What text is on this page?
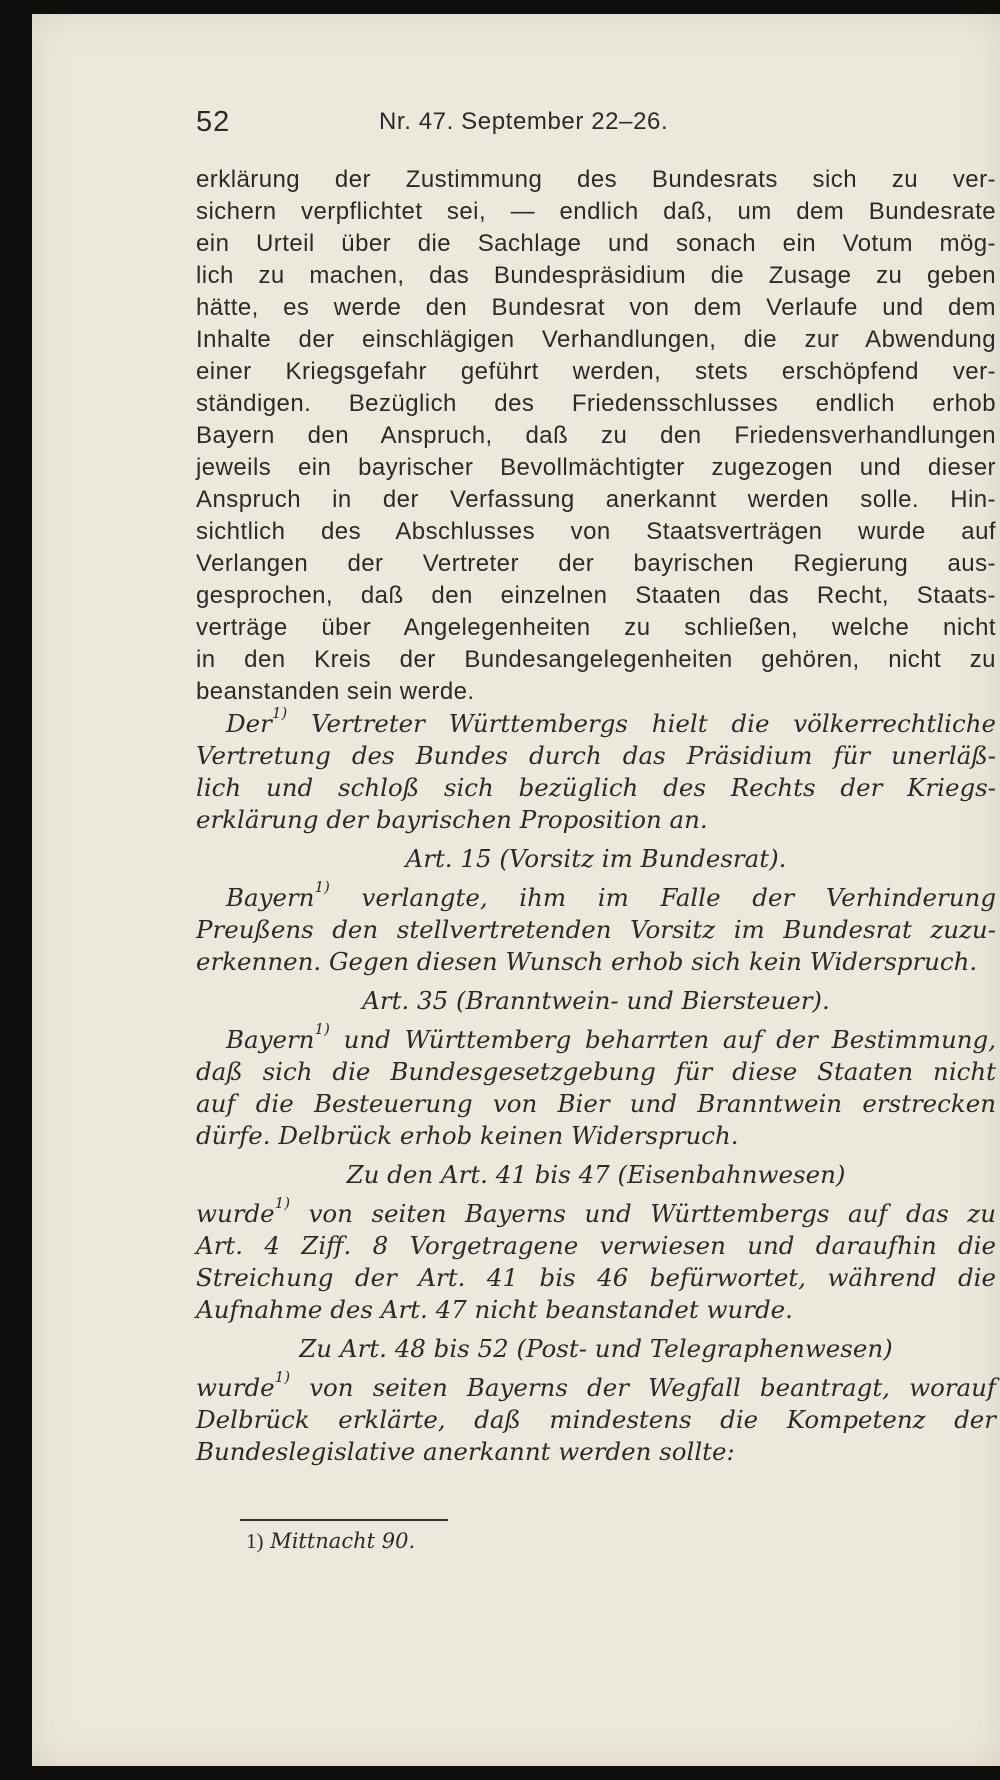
52	Nr. 47. September 22–26.
erklärung der Zustimmung des Bundesrats sich zu ver-
sichern verpflichtet sei, — endlich daß, um dem Bundesrate
ein Urteil über die Sachlage und sonach ein Votum mög-
lich zu machen, das Bundespräsidium die Zusage zu geben
hätte, es werde den Bundesrat von dem Verlaufe und dem
Inhalte der einschlägigen Verhandlungen, die zur Abwendung
einer Kriegsgefahr geführt werden, stets erschöpfend ver-
ständigen. Bezüglich des Friedensschlusses endlich erhob
Bayern den Anspruch, daß zu den Friedensverhandlungen
jeweils ein bayrischer Bevollmächtigter zugezogen und dieser
Anspruch in der Verfassung anerkannt werden solle. Hin-
sichtlich des Abschlusses von Staatsverträgen wurde auf
Verlangen der Vertreter der bayrischen Regierung aus-
gesprochen, daß den einzelnen Staaten das Recht, Staats-
verträge über Angelegenheiten zu schließen, welche nicht
in den Kreis der Bundesangelegenheiten gehören, nicht zu
beanstanden sein werde.
Der$^{1)}$ Vertreter Württembergs hielt die völkerrechtliche
Vertretung des Bundes durch das Präsidium für unerläß-
lich und schloß sich bezüglich des Rechts der Kriegs-
erklärung der bayrischen Proposition an.
Art. 15 (Vorsitz im Bundesrat).
Bayern$^{1)}$ verlangte, ihm im Falle der Verhinderung
Preußens den stellvertretenden Vorsitz im Bundesrat zuzu-
erkennen. Gegen diesen Wunsch erhob sich kein Widerspruch.
Art. 35 (Branntwein- und Biersteuer).
Bayern$^{1)}$ und Württemberg beharrten auf der Bestimmung,
daß sich die Bundesgesetzgebung für diese Staaten nicht
auf die Besteuerung von Bier und Branntwein erstrecken
dürfe. Delbrück erhob keinen Widerspruch.
Zu den Art. 41 bis 47 (Eisenbahnwesen)
wurde$^{1)}$ von seiten Bayerns und Württembergs auf das zu
Art. 4 Ziff. 8 Vorgetragene verwiesen und daraufhin die
Streichung der Art. 41 bis 46 befürwortet, während die
Aufnahme des Art. 47 nicht beanstandet wurde.
Zu Art. 48 bis 52 (Post- und Telegraphenwesen)
wurde$^{1)}$ von seiten Bayerns der Wegfall beantragt, worauf
Delbrück erklärte, daß mindestens die Kompetenz der
Bundeslegislative anerkannt werden sollte:
1) Mittnacht 90.
